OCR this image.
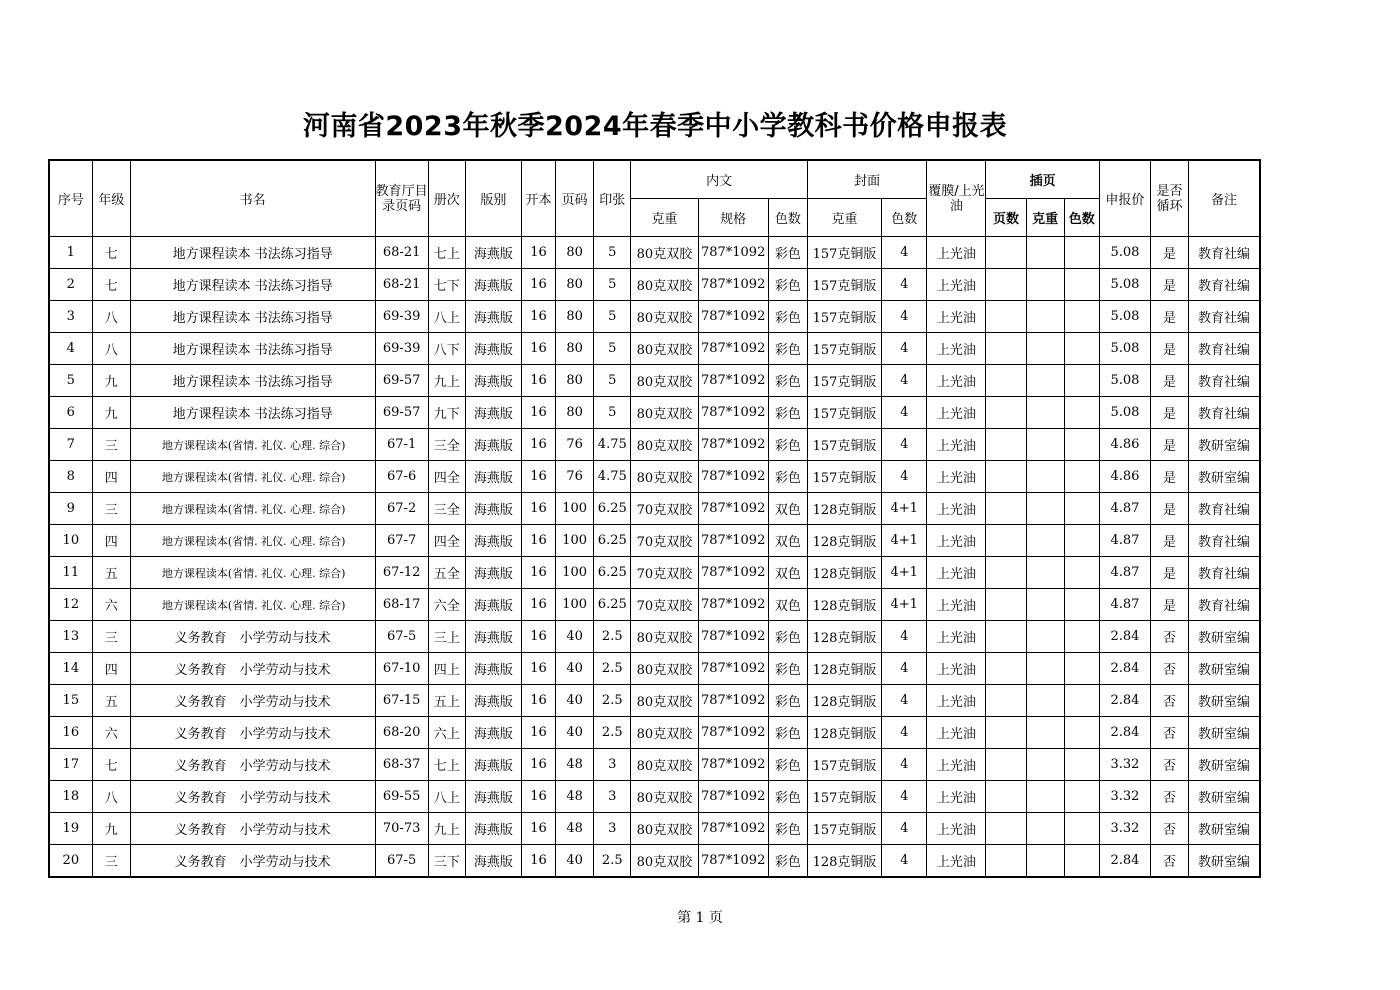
河南省2023年秋季2024年春季中小学教科书价格申报表
序号	年级	书名	教育厅目录页码	册次	版别	开本	页码	印张	内文			封面		覆膜/上光油	插页			申报价	是否循环	备注
									克重	规格	色数	克重	色数		页数	克重	色数			
1	七	地方课程读本 书法练习指导	68-21	七上	海燕版	16	80	5	80克双胶	787*1092	彩色	157克铜版	4	上光油				5.08	是	教育社编
2	七	地方课程读本 书法练习指导	68-21	七下	海燕版	16	80	5	80克双胶	787*1092	彩色	157克铜版	4	上光油				5.08	是	教育社编
3	八	地方课程读本 书法练习指导	69-39	八上	海燕版	16	80	5	80克双胶	787*1092	彩色	157克铜版	4	上光油				5.08	是	教育社编
4	八	地方课程读本 书法练习指导	69-39	八下	海燕版	16	80	5	80克双胶	787*1092	彩色	157克铜版	4	上光油				5.08	是	教育社编
5	九	地方课程读本 书法练习指导	69-57	九上	海燕版	16	80	5	80克双胶	787*1092	彩色	157克铜版	4	上光油				5.08	是	教育社编
6	九	地方课程读本 书法练习指导	69-57	九下	海燕版	16	80	5	80克双胶	787*1092	彩色	157克铜版	4	上光油				5.08	是	教育社编
7	三	地方课程读本(省情. 礼仪. 心理. 综合)	67-1	三全	海燕版	16	76	4.75	80克双胶	787*1092	彩色	157克铜版	4	上光油				4.86	是	教研室编
8	四	地方课程读本(省情. 礼仪. 心理. 综合)	67-6	四全	海燕版	16	76	4.75	80克双胶	787*1092	彩色	157克铜版	4	上光油				4.86	是	教研室编
9	三	地方课程读本(省情. 礼仪. 心理. 综合)	67-2	三全	海燕版	16	100	6.25	70克双胶	787*1092	双色	128克铜版	4+1	上光油				4.87	是	教育社编
10	四	地方课程读本(省情. 礼仪. 心理. 综合)	67-7	四全	海燕版	16	100	6.25	70克双胶	787*1092	双色	128克铜版	4+1	上光油				4.87	是	教育社编
11	五	地方课程读本(省情. 礼仪. 心理. 综合)	67-12	五全	海燕版	16	100	6.25	70克双胶	787*1092	双色	128克铜版	4+1	上光油				4.87	是	教育社编
12	六	地方课程读本(省情. 礼仪. 心理. 综合)	68-17	六全	海燕版	16	100	6.25	70克双胶	787*1092	双色	128克铜版	4+1	上光油				4.87	是	教育社编
13	三	义务教育　小学劳动与技术	67-5	三上	海燕版	16	40	2.5	80克双胶	787*1092	彩色	128克铜版	4	上光油				2.84	否	教研室编
14	四	义务教育　小学劳动与技术	67-10	四上	海燕版	16	40	2.5	80克双胶	787*1092	彩色	128克铜版	4	上光油				2.84	否	教研室编
15	五	义务教育　小学劳动与技术	67-15	五上	海燕版	16	40	2.5	80克双胶	787*1092	彩色	128克铜版	4	上光油				2.84	否	教研室编
16	六	义务教育　小学劳动与技术	68-20	六上	海燕版	16	40	2.5	80克双胶	787*1092	彩色	128克铜版	4	上光油				2.84	否	教研室编
17	七	义务教育　小学劳动与技术	68-37	七上	海燕版	16	48	3	80克双胶	787*1092	彩色	157克铜版	4	上光油				3.32	否	教研室编
18	八	义务教育　小学劳动与技术	69-55	八上	海燕版	16	48	3	80克双胶	787*1092	彩色	157克铜版	4	上光油				3.32	否	教研室编
19	九	义务教育　小学劳动与技术	70-73	九上	海燕版	16	48	3	80克双胶	787*1092	彩色	157克铜版	4	上光油				3.32	否	教研室编
20	三	义务教育　小学劳动与技术	67-5	三下	海燕版	16	40	2.5	80克双胶	787*1092	彩色	128克铜版	4	上光油				2.84	否	教研室编
第 1 页
